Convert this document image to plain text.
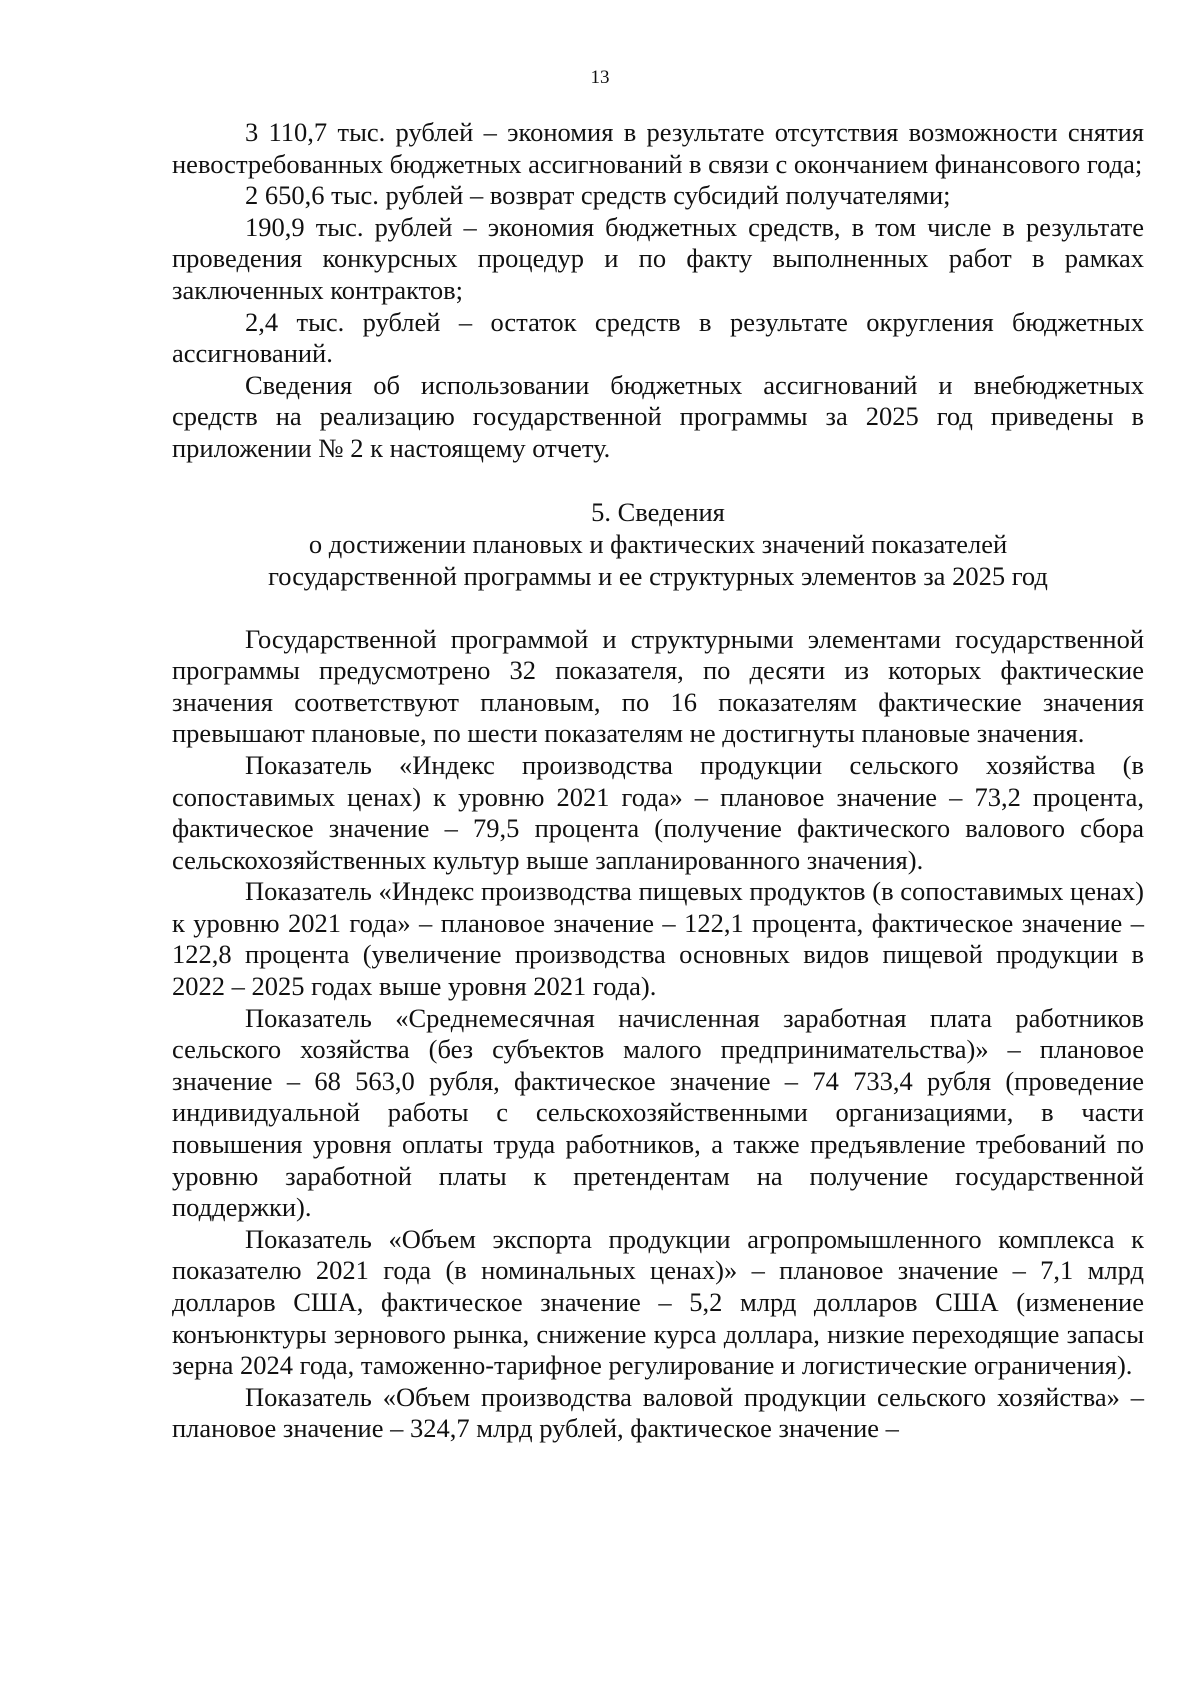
13

3 110,7 тыс. рублей – экономия в результате отсутствия возможности снятия невостребованных бюджетных ассигнований в связи с окончанием финансового года;

2 650,6 тыс. рублей – возврат средств субсидий получателями;

190,9 тыс. рублей – экономия бюджетных средств, в том числе в результате проведения конкурсных процедур и по факту выполненных работ в рамках заключенных контрактов;

2,4 тыс. рублей – остаток средств в результате округления бюджетных ассигнований.

Сведения об использовании бюджетных ассигнований и внебюджетных средств на реализацию государственной программы за 2025 год приведены в приложении № 2 к настоящему отчету.

5. Сведения
о достижении плановых и фактических значений показателей
государственной программы и ее структурных элементов за 2025 год

Государственной программой и структурными элементами государственной программы предусмотрено 32 показателя, по десяти из которых фактические значения соответствуют плановым, по 16 показателям фактические значения превышают плановые, по шести показателям не достигнуты плановые значения.

Показатель «Индекс производства продукции сельского хозяйства (в сопоставимых ценах) к уровню 2021 года» – плановое значение – 73,2 процента, фактическое значение – 79,5 процента (получение фактического валового сбора сельскохозяйственных культур выше запланированного значения).

Показатель «Индекс производства пищевых продуктов (в сопоставимых ценах) к уровню 2021 года» – плановое значение – 122,1 процента, фактическое значение – 122,8 процента (увеличение производства основных видов пищевой продукции в 2022 – 2025 годах выше уровня 2021 года).

Показатель «Среднемесячная начисленная заработная плата работников сельского хозяйства (без субъектов малого предпринимательства)» – плановое значение – 68 563,0 рубля, фактическое значение – 74 733,4 рубля (проведение индивидуальной работы с сельскохозяйственными организациями, в части повышения уровня оплаты труда работников, а также предъявление требований по уровню заработной платы к претендентам на получение государственной поддержки).

Показатель «Объем экспорта продукции агропромышленного комплекса к показателю 2021 года (в номинальных ценах)» – плановое значение – 7,1 млрд долларов США, фактическое значение – 5,2 млрд долларов США (изменение конъюнктуры зернового рынка, снижение курса доллара, низкие переходящие запасы зерна 2024 года, таможенно-тарифное регулирование и логистические ограничения).

Показатель «Объем производства валовой продукции сельского хозяйства» – плановое значение – 324,7 млрд рублей, фактическое значение –
